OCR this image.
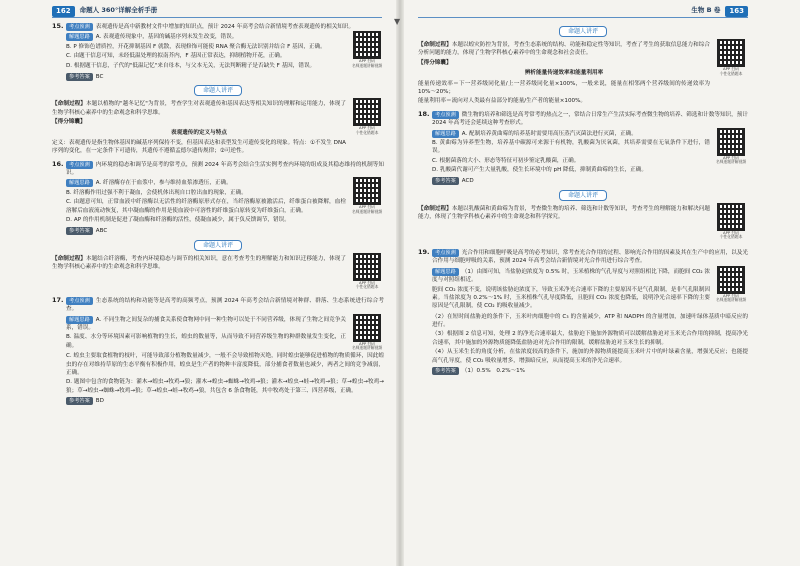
162	命题人 360°详解全析手册	生物 B 卷	163
▼
15.	考点预测 表观遗传是高中新教材文件中增加的知识点，预计 2024 年高考会结合新情境考查表观遗传的相关知识。
解题思路 A. 表观遗传现象中，基因的碱基序列未发生改变，错误。
B. P 修饰色谱质控，开花抑制基因 F 就散，表现修饰可能使 RNA 聚合酶无法识别并结合 F 基因，正确。
C. 由题干信息可知，未经低温处理的拟南芥内，F 基因正常表达，抑制植物开花，正确。
D. 根据题干信息，子代的"低温记忆"来自母本，与父本无关，无法判断精子是否缺失 F 基因，错误。
APP 扫码
名师逐题讲解视频
参考答案 BC
命题人讲评
【命制过程】本题以植物的"越冬记忆"为背景，考查学生对表观遗传和基因表达等相关知识的理解和运用能力，体现了生物学科核心素养中的生命观念和科学思维。
【得分锦囊】
表观遗传的定义与特点
定义：表观遗传是指生物体基因的碱基序列保持不变，但基因表达和表型发生可遗传变化的现象。特点：①不发生 DNA 序列的变化，在一定条件下可遗传，其遗传不遵循孟德尔遗传规律；②可逆性。
APP 扫码
个性化错题本
16.	考点预测 内环境的稳态和调节是高考的常考点，预测 2024 年高考会结合生活实例考查内环境的组成及其稳态维持的机制等知识。
解题思路 A. 纤溶酶存在于血浆中，参与维持血浆渗透压，正确。
B. 纤溶酶作用过强不利于凝血，会使机体出现自口腔出血的现象，正确。
C. 由题意可知，正常血液中纤溶酶以无活性的纤溶酶原形式存在，当纤溶酶原被激活后，纤维蛋白被降解，血栓溶解后血液流动恢复，其中凝血酶的作用是使血液中可溶性的纤维蛋白原转变为纤维蛋白，正确。
D. AP 的作用机制是促进了凝血酶和纤溶酶的活性，使凝血减少，属于负反馈调节，错误。
APP 扫码
名师逐题讲解视频
参考答案 ABC
命题人讲评
【命制过程】本题结合纤溶酶，考查内环境稳态与调节的相关知识，意在考查考生的理解能力和知识迁移能力，体现了生物学科核心素养中的生命观念和科学思维。
APP 扫码
个性化错题本
17.	考点预测 生态系统的结构和功能等是高考的高频考点，预测 2024 年高考会结合新情境对种群、群落、生态系统进行综合考查。
解题思路 A. 不同生物之间复杂的捕食关系使食物网中同一种生物可以处于不同营养级，体现了生物之间竞争关系，错误。
B. 温度、水分等环境因素可影响植物的生长，蝗虫的数量等，从而导致不同营养级生物的种群数量发生变化，正确。	APP 扫码
名师逐题讲解视频
C. 蝗虫主要取食植物的枝叶，可能导致部分植物数量减少，一般不会导致植物灭绝，同时蝗虫能够促进植物的物质循环，因此蝗虫的存在对维持草原的生态平衡有积极作用，蝗虫是生产者的物种丰富度降低，部分捕食者数量也减少，两者之间的竞争减弱，正确。
D. 题图中包含的食物链为：灌木→蝗虫→牧鸡→狼；灌木→蝗虫→蜘蛛→牧鸡→狼；灌木→蝗虫→蛙→牧鸡→狼；草→蝗虫→牧鸡→狼；草→蝗虫→蜘蛛→牧鸡→狼；草→蝗虫→蛙→牧鸡→狼，共包含 6 条食物链，其中牧鸡处于第三、四营养级，正确。
参考答案 BD
命题人讲评
【命制过程】本题以蝗灾防控为背景，考查生态系统的结构、功能和稳定性等知识，考查了考生的获取信息能力和综合分析问题的能力，体现了生物学科核心素养中的生命观念和社会责任。
【得分锦囊】
辨析能量传递效率和能量利用率
能量传递效率＝下一营养级同化量/上一营养级同化量×100%，一般来说，能量在相邻两个营养级间的传递效率为 10%～20%；
能量利用率＝流向对人类最有益部分的能量/生产者的能量×100%。
APP 扫码
个性化错题本
18.	考点预测 微生物的培养和筛选是高考常考的热点之一，常结合日常生产生活实际考查微生物的培养、筛选和计数等知识，预计 2024 年高考还会延续这种考查形式。
解题思路 A. 配制培养黄曲霉的培养基时需要用高压蒸汽灭菌法进行灭菌，正确。
B. 黄曲霉为异养型生物，培养基中碳源可来源于有机物，乳酸菌为厌氧菌，其培养需要在无氧条件下进行，错误。
C. 根据菌落的大小、形态等特征可初步鉴定乳酸菌，正确。
D. 乳酸菌代谢可产生大量乳酸，使生长环境中的 pH 降低，抑制黄曲霉的生长，正确。
APP 扫码
名师逐题讲解视频
参考答案 ACD
命题人讲评
【命制过程】本题以乳酸菌和黄曲霉为背景，考查微生物的培养、筛选和计数等知识，考查考生的理解能力和解决问题能力，体现了生物学科核心素养中的生命观念和科学探究。
APP 扫码
个性化错题本
19.	考点预测 光合作用和细胞呼吸是高考的必考知识，常考查光合作用的过程、影响光合作用的因素及其在生产中的应用，以及光合作用与细胞呼吸的关系，预测 2024 年高考会结合新情境对光合作用进行综合考查。
解题思路 （1）由图可知，当盐胁迫浓度为 0.5% 时，玉米植株的气孔导度与对照组相比下降，而胞间 CO₂ 浓度与对照组相近。
胞间 CO₂ 浓度不变，说明该盐胁迫浓度下，导致玉米净光合速率下降的主要原因不是气孔限制，是非气孔限制因素。当盐浓度为 0.2%～1% 时，玉米植株气孔导度降低，且胞间 CO₂ 浓度也降低，说明净光合速率下降的主要原因是气孔限制，使 CO₂ 的吸收量减少。
APP 扫码
名师逐题讲解视频
（2）在短时间盐胁迫的条件下，玉米叶肉细胞中的 C₃ 的含量减少，ATP 和 NADPH 的含量增加，加速叶绿体基质中暗反应的进行。
（3）根据图 2 信息可知，处理 2 的净光合速率最大，盐胁迫下施加外源物质可以缓解盐胁迫对玉米光合作用的抑制，提高净光合速率，其中施加的外源物质能降低盐胁迫对光合作用的限制，缓解盐胁迫对玉米生长的抑制。
（4）从玉米生长的角度分析，在盐浓度较高的条件下，施加的外源物质能提高玉米叶片中的叶绿素含量，增强光反应；也能提高气孔导度，使 CO₂ 吸收量增多，增强暗反应，从而提高玉米的净光合速率。
参考答案 （1）0.5%　0.2%～1%
